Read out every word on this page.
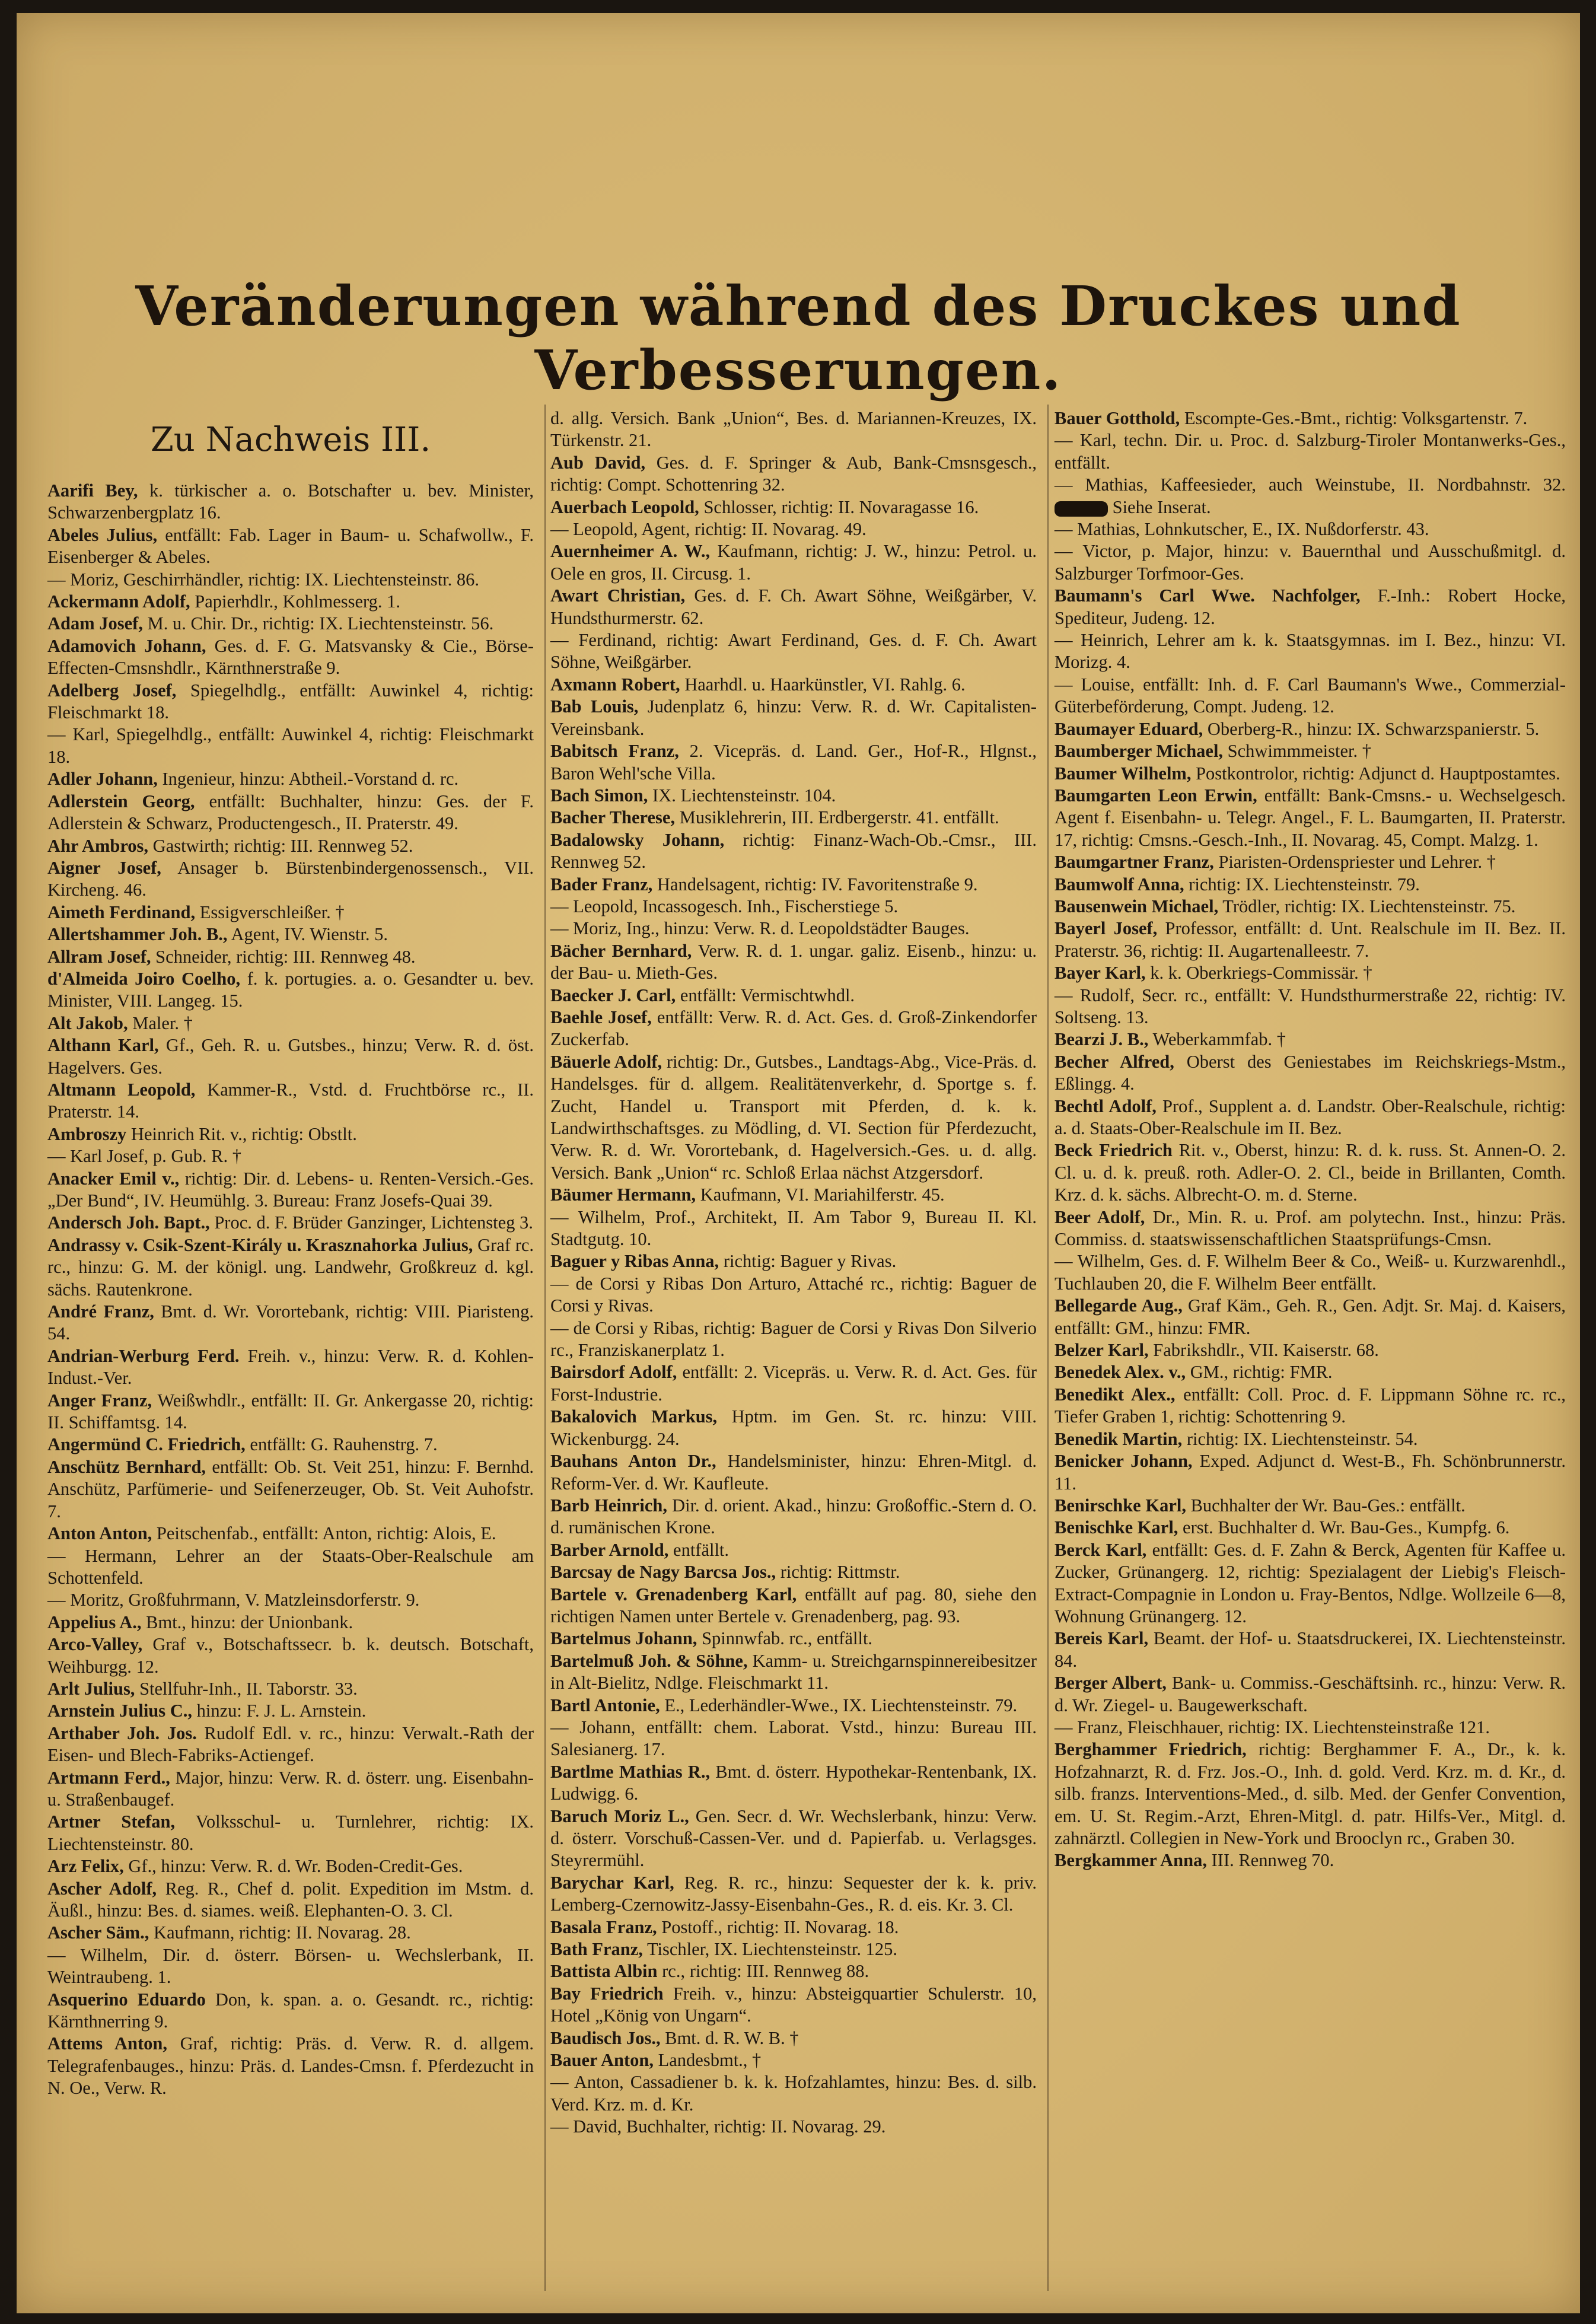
Veränderungen während des Druckes und Verbesserungen.
Zu Nachweis III.
Aarifi Bey, k. türkischer a. o. Botschafter u. bev. Minister, Schwarzenbergplatz 16.
Abeles Julius, entfällt: Fab. Lager in Baum- u. Schafwollw., F. Eisenberger & Abeles.
— Moriz, Geschirrhändler, richtig: IX. Liechtensteinstr. 86.
Ackermann Adolf, Papierhdlr., Kohlmesserg. 1.
Adam Josef, M. u. Chir. Dr., richtig: IX. Liechtensteinstr. 56.
Adamovich Johann, Ges. d. F. G. Matsvansky & Cie., Börse-Effecten-Cmsnshdlr., Kärnthnerstraße 9.
Adelberg Josef, Spiegelhdlg., entfällt: Auwinkel 4, richtig: Fleischmarkt 18.
— Karl, Spiegelhdlg., entfällt: Auwinkel 4, richtig: Fleischmarkt 18.
Adler Johann, Ingenieur, hinzu: Abtheil.-Vorstand d. rc.
Adlerstein Georg, entfällt: Buchhalter, hinzu: Ges. der F. Adlerstein & Schwarz, Productengesch., II. Praterstr. 49.
Ahr Ambros, Gastwirth; richtig: III. Rennweg 52.
Aigner Josef, Ansager b. Bürstenbindergenossensch., VII. Kircheng. 46.
Aimeth Ferdinand, Essigverschleißer. †
Allertshammer Joh. B., Agent, IV. Wienstr. 5.
Allram Josef, Schneider, richtig: III. Rennweg 48.
d'Almeida Joiro Coelho, f. k. portugies. a. o. Gesandter u. bev. Minister, VIII. Langeg. 15.
Alt Jakob, Maler. †
Althann Karl, Gf., Geh. R. u. Gutsbes., hinzu; Verw. R. d. öst. Hagelvers. Ges.
Altmann Leopold, Kammer-R., Vstd. d. Fruchtbörse rc., II. Praterstr. 14.
Ambroszy Heinrich Rit. v., richtig: Obstlt.
— Karl Josef, p. Gub. R. †
Anacker Emil v., richtig: Dir. d. Lebens- u. Renten-Versich.-Ges. „Der Bund“, IV. Heumühlg. 3. Bureau: Franz Josefs-Quai 39.
Andersch Joh. Bapt., Proc. d. F. Brüder Ganzinger, Lichtensteg 3.
Andrassy v. Csik-Szent-Király u. Krasznahorka Julius, Graf rc. rc., hinzu: G. M. der königl. ung. Landwehr, Großkreuz d. kgl. sächs. Rautenkrone.
André Franz, Bmt. d. Wr. Vorortebank, richtig: VIII. Piaristeng. 54.
Andrian-Werburg Ferd. Freih. v., hinzu: Verw. R. d. Kohlen-Indust.-Ver.
Anger Franz, Weißwhdlr., entfällt: II. Gr. Ankergasse 20, richtig: II. Schiffamtsg. 14.
Angermünd C. Friedrich, entfällt: G. Rauhenstrg. 7.
Anschütz Bernhard, entfällt: Ob. St. Veit 251, hinzu: F. Bernhd. Anschütz, Parfümerie- und Seifenerzeuger, Ob. St. Veit Auhofstr. 7.
Anton Anton, Peitschenfab., entfällt: Anton, richtig: Alois, E.
— Hermann, Lehrer an der Staats-Ober-Realschule am Schottenfeld.
— Moritz, Großfuhrmann, V. Matzleinsdorferstr. 9.
Appelius A., Bmt., hinzu: der Unionbank.
Arco-Valley, Graf v., Botschaftssecr. b. k. deutsch. Botschaft, Weihburgg. 12.
Arlt Julius, Stellfuhr-Inh., II. Taborstr. 33.
Arnstein Julius C., hinzu: F. J. L. Arnstein.
Arthaber Joh. Jos. Rudolf Edl. v. rc., hinzu: Verwalt.-Rath der Eisen- und Blech-Fabriks-Actiengef.
Artmann Ferd., Major, hinzu: Verw. R. d. österr. ung. Eisenbahn- u. Straßenbaugef.
Artner Stefan, Volksschul- u. Turnlehrer, richtig: IX. Liechtensteinstr. 80.
Arz Felix, Gf., hinzu: Verw. R. d. Wr. Boden-Credit-Ges.
Ascher Adolf, Reg. R., Chef d. polit. Expedition im Mstm. d. Äußl., hinzu: Bes. d. siames. weiß. Elephanten-O. 3. Cl.
Ascher Säm., Kaufmann, richtig: II. Novarag. 28.
— Wilhelm, Dir. d. österr. Börsen- u. Wechslerbank, II. Weintraubeng. 1.
Asquerino Eduardo Don, k. span. a. o. Gesandt. rc., richtig: Kärnthnerring 9.
Attems Anton, Graf, richtig: Präs. d. Verw. R. d. allgem. Telegrafenbauges., hinzu: Präs. d. Landes-Cmsn. f. Pferdezucht in N. Oe., Verw. R.
d. allg. Versich. Bank „Union“, Bes. d. Mariannen-Kreuzes, IX. Türkenstr. 21.
Aub David, Ges. d. F. Springer & Aub, Bank-Cmsnsgesch., richtig: Compt. Schottenring 32.
Auerbach Leopold, Schlosser, richtig: II. Novaragasse 16.
— Leopold, Agent, richtig: II. Novarag. 49.
Auernheimer A. W., Kaufmann, richtig: J. W., hinzu: Petrol. u. Oele en gros, II. Circusg. 1.
Awart Christian, Ges. d. F. Ch. Awart Söhne, Weißgärber, V. Hundsthurmerstr. 62.
— Ferdinand, richtig: Awart Ferdinand, Ges. d. F. Ch. Awart Söhne, Weißgärber.
Axmann Robert, Haarhdl. u. Haarkünstler, VI. Rahlg. 6.
Bab Louis, Judenplatz 6, hinzu: Verw. R. d. Wr. Capitalisten-Vereinsbank.
Babitsch Franz, 2. Vicepräs. d. Land. Ger., Hof-R., Hlgnst., Baron Wehl'sche Villa.
Bach Simon, IX. Liechtensteinstr. 104.
Bacher Therese, Musiklehrerin, III. Erdbergerstr. 41. entfällt.
Badalowsky Johann, richtig: Finanz-Wach-Ob.-Cmsr., III. Rennweg 52.
Bader Franz, Handelsagent, richtig: IV. Favoritenstraße 9.
— Leopold, Incassogesch. Inh., Fischerstiege 5.
— Moriz, Ing., hinzu: Verw. R. d. Leopoldstädter Bauges.
Bächer Bernhard, Verw. R. d. 1. ungar. galiz. Eisenb., hinzu: u. der Bau- u. Mieth-Ges.
Baecker J. Carl, entfällt: Vermischtwhdl.
Baehle Josef, entfällt: Verw. R. d. Act. Ges. d. Groß-Zinkendorfer Zuckerfab.
Bäuerle Adolf, richtig: Dr., Gutsbes., Landtags-Abg., Vice-Präs. d. Handelsges. für d. allgem. Realitätenverkehr, d. Sportge s. f. Zucht, Handel u. Transport mit Pferden, d. k. k. Landwirthschaftsges. zu Mödling, d. VI. Section für Pferdezucht, Verw. R. d. Wr. Vorortebank, d. Hagelversich.-Ges. u. d. allg. Versich. Bank „Union“ rc. Schloß Erlaa nächst Atzgersdorf.
Bäumer Hermann, Kaufmann, VI. Mariahilferstr. 45.
— Wilhelm, Prof., Architekt, II. Am Tabor 9, Bureau II. Kl. Stadtgutg. 10.
Baguer y Ribas Anna, richtig: Baguer y Rivas.
— de Corsi y Ribas Don Arturo, Attaché rc., richtig: Baguer de Corsi y Rivas.
— de Corsi y Ribas, richtig: Baguer de Corsi y Rivas Don Silverio rc., Franziskanerplatz 1.
Bairsdorf Adolf, entfällt: 2. Vicepräs. u. Verw. R. d. Act. Ges. für Forst-Industrie.
Bakalovich Markus, Hptm. im Gen. St. rc. hinzu: VIII. Wickenburgg. 24.
Bauhans Anton Dr., Handelsminister, hinzu: Ehren-Mitgl. d. Reform-Ver. d. Wr. Kaufleute.
Barb Heinrich, Dir. d. orient. Akad., hinzu: Großoffic.-Stern d. O. d. rumänischen Krone.
Barber Arnold, entfällt.
Barcsay de Nagy Barcsa Jos., richtig: Rittmstr.
Bartele v. Grenadenberg Karl, entfällt auf pag. 80, siehe den richtigen Namen unter Bertele v. Grenadenberg, pag. 93.
Bartelmus Johann, Spinnwfab. rc., entfällt.
Bartelmuß Joh. & Söhne, Kamm- u. Streichgarnspinnereibesitzer in Alt-Bielitz, Ndlge. Fleischmarkt 11.
Bartl Antonie, E., Lederhändler-Wwe., IX. Liechtensteinstr. 79.
— Johann, entfällt: chem. Laborat. Vstd., hinzu: Bureau III. Salesianerg. 17.
Bartlme Mathias R., Bmt. d. österr. Hypothekar-Rentenbank, IX. Ludwigg. 6.
Baruch Moriz L., Gen. Secr. d. Wr. Wechslerbank, hinzu: Verw. d. österr. Vorschuß-Cassen-Ver. und d. Papierfab. u. Verlagsges. Steyrermühl.
Barychar Karl, Reg. R. rc., hinzu: Sequester der k. k. priv. Lemberg-Czernowitz-Jassy-Eisenbahn-Ges., R. d. eis. Kr. 3. Cl.
Basala Franz, Postoff., richtig: II. Novarag. 18.
Bath Franz, Tischler, IX. Liechtensteinstr. 125.
Battista Albin rc., richtig: III. Rennweg 88.
Bay Friedrich Freih. v., hinzu: Absteigquartier Schulerstr. 10, Hotel „König von Ungarn“.
Baudisch Jos., Bmt. d. R. W. B. †
Bauer Anton, Landesbmt., †
— Anton, Cassadiener b. k. k. Hofzahlamtes, hinzu: Bes. d. silb. Verd. Krz. m. d. Kr.
— David, Buchhalter, richtig: II. Novarag. 29.
Bauer Gotthold, Escompte-Ges.-Bmt., richtig: Volksgartenstr. 7.
— Karl, techn. Dir. u. Proc. d. Salzburg-Tiroler Montanwerks-Ges., entfällt.
— Mathias, Kaffeesieder, auch Weinstube, II. Nordbahnstr. 32.  Siehe Inserat.
— Mathias, Lohnkutscher, E., IX. Nußdorferstr. 43.
— Victor, p. Major, hinzu: v. Bauernthal und Ausschußmitgl. d. Salzburger Torfmoor-Ges.
Baumann's Carl Wwe. Nachfolger, F.-Inh.: Robert Hocke, Spediteur, Judeng. 12.
— Heinrich, Lehrer am k. k. Staatsgymnas. im I. Bez., hinzu: VI. Morizg. 4.
— Louise, entfällt: Inh. d. F. Carl Baumann's Wwe., Commerzial-Güterbeförderung, Compt. Judeng. 12.
Baumayer Eduard, Oberberg-R., hinzu: IX. Schwarzspanierstr. 5.
Baumberger Michael, Schwimmmeister. †
Baumer Wilhelm, Postkontrolor, richtig: Adjunct d. Hauptpostamtes.
Baumgarten Leon Erwin, entfällt: Bank-Cmsns.- u. Wechselgesch. Agent f. Eisenbahn- u. Telegr. Angel., F. L. Baumgarten, II. Praterstr. 17, richtig: Cmsns.-Gesch.-Inh., II. Novarag. 45, Compt. Malzg. 1.
Baumgartner Franz, Piaristen-Ordenspriester und Lehrer. †
Baumwolf Anna, richtig: IX. Liechtensteinstr. 79.
Bausenwein Michael, Trödler, richtig: IX. Liechtensteinstr. 75.
Bayerl Josef, Professor, entfällt: d. Unt. Realschule im II. Bez. II. Praterstr. 36, richtig: II. Augartenalleestr. 7.
Bayer Karl, k. k. Oberkriegs-Commissär. †
— Rudolf, Secr. rc., entfällt: V. Hundsthurmerstraße 22, richtig: IV. Soltseng. 13.
Bearzi J. B., Weberkammfab. †
Becher Alfred, Oberst des Geniestabes im Reichskriegs-Mstm., Eßlingg. 4.
Bechtl Adolf, Prof., Supplent a. d. Landstr. Ober-Realschule, richtig: a. d. Staats-Ober-Realschule im II. Bez.
Beck Friedrich Rit. v., Oberst, hinzu: R. d. k. russ. St. Annen-O. 2. Cl. u. d. k. preuß. roth. Adler-O. 2. Cl., beide in Brillanten, Comth. Krz. d. k. sächs. Albrecht-O. m. d. Sterne.
Beer Adolf, Dr., Min. R. u. Prof. am polytechn. Inst., hinzu: Präs. Commiss. d. staatswissenschaftlichen Staatsprüfungs-Cmsn.
— Wilhelm, Ges. d. F. Wilhelm Beer & Co., Weiß- u. Kurzwarenhdl., Tuchlauben 20, die F. Wilhelm Beer entfällt.
Bellegarde Aug., Graf Käm., Geh. R., Gen. Adjt. Sr. Maj. d. Kaisers, entfällt: GM., hinzu: FMR.
Belzer Karl, Fabrikshdlr., VII. Kaiserstr. 68.
Benedek Alex. v., GM., richtig: FMR.
Benedikt Alex., entfällt: Coll. Proc. d. F. Lippmann Söhne rc. rc., Tiefer Graben 1, richtig: Schottenring 9.
Benedik Martin, richtig: IX. Liechtensteinstr. 54.
Benicker Johann, Exped. Adjunct d. West-B., Fh. Schönbrunnerstr. 11.
Benirschke Karl, Buchhalter der Wr. Bau-Ges.: entfällt.
Benischke Karl, erst. Buchhalter d. Wr. Bau-Ges., Kumpfg. 6.
Berck Karl, entfällt: Ges. d. F. Zahn & Berck, Agenten für Kaffee u. Zucker, Grünangerg. 12, richtig: Spezialagent der Liebig's Fleisch-Extract-Compagnie in London u. Fray-Bentos, Ndlge. Wollzeile 6—8, Wohnung Grünangerg. 12.
Bereis Karl, Beamt. der Hof- u. Staatsdruckerei, IX. Liechtensteinstr. 84.
Berger Albert, Bank- u. Commiss.-Geschäftsinh. rc., hinzu: Verw. R. d. Wr. Ziegel- u. Baugewerkschaft.
— Franz, Fleischhauer, richtig: IX. Liechtensteinstraße 121.
Berghammer Friedrich, richtig: Berghammer F. A., Dr., k. k. Hofzahnarzt, R. d. Frz. Jos.-O., Inh. d. gold. Verd. Krz. m. d. Kr., d. silb. franzs. Interventions-Med., d. silb. Med. der Genfer Convention, em. U. St. Regim.-Arzt, Ehren-Mitgl. d. patr. Hilfs-Ver., Mitgl. d. zahnärztl. Collegien in New-York und Brooclyn rc., Graben 30.
Bergkammer Anna, III. Rennweg 70.
